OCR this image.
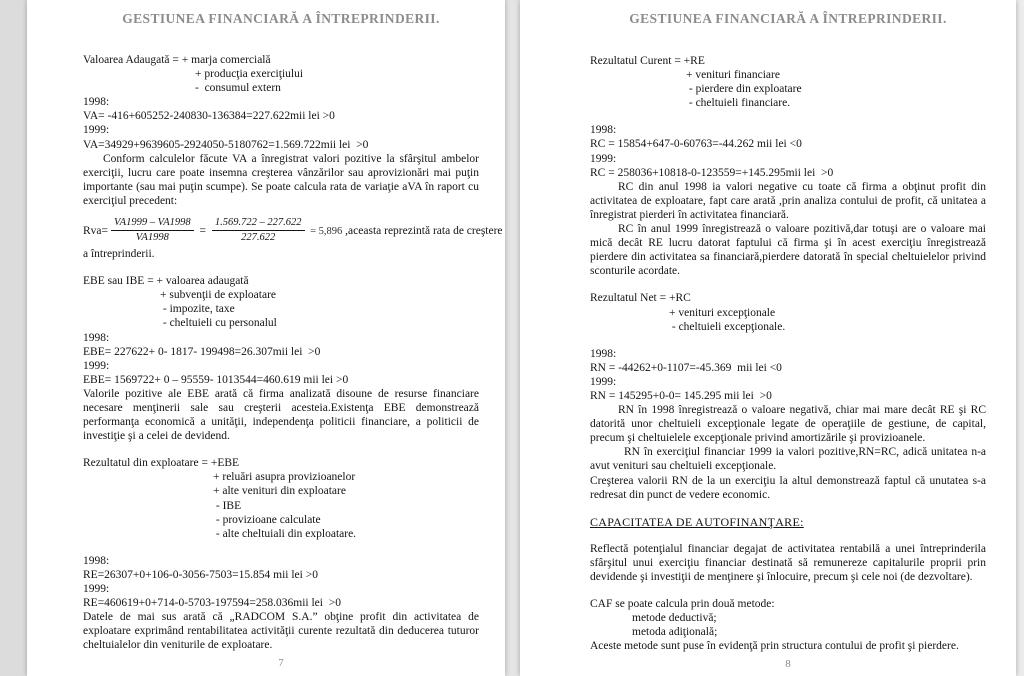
GESTIUNEA FINANCIARĂ A ÎNTREPRINDERII.
Valoarea Adaugată = + marja comercială
+ producţia exerciţiului
-  consumul extern
1998:
VA= -416+605252-240830-136384=227.622mii lei >0
1999:
VA=34929+9639605-2924050-5180762=1.569.722mii lei  >0

Conform calculelor făcute VA a înregistrat valori pozitive la sfârşitul ambelor exerciţii, lucru care poate insemna creşterea vânzărilor sau aprovizionări mai puţin importante (sau mai puţin scumpe). Se poate calcula rata de variaţie aVA în raport cu exerciţiul precedent:

$Rva= \frac{VA1999 - VA1998}{VA1998} = \frac{1.569.722 - 227.622}{227.622} = 5,896$ ,aceasta reprezintă rata de creştere
a întreprinderii.
EBE sau IBE = + valoarea adaugată
+ subvenţii de exploatare
- impozite, taxe
- cheltuieli cu personalul
1998:
EBE= 227622+ 0- 1817- 199498=26.307mii lei  >0
1999:
EBE= 1569722+ 0 – 95559- 1013544=460.619 mii lei >0

Valorile pozitive ale EBE arată că firma analizată disoune de resurse financiare necesare menţinerii sale sau creşterii acesteia.Existenţa EBE demonstrează performanţa economică a unităţii, independenţa politicii financiare, a politicii de investiţie şi a celei de devidend.

Rezultatul din exploatare = +EBE
+ reluări asupra provizioanelor
+ alte venituri din exploatare
- IBE
- provizioane calculate
- alte cheltuiali din exploatare.
1998:
RE=26307+0+106-0-3056-7503=15.854 mii lei >0
1999:
RE=460619+0+714-0-5703-197594=258.036mii lei  >0

Datele de mai sus arată că „RADCOM S.A.” obţine profit din activitatea de exploatare exprimând rentabilitatea activităţii curente rezultată din deducerea tuturor cheltuialelor din veniturile de exploatare.

7
GESTIUNEA FINANCIARĂ A ÎNTREPRINDERII.
Rezultatul Curent = +RE
+ venituri financiare
- pierdere din exploatare
- cheltuieli financiare.
1998:
RC = 15854+647-0-60763=-44.262 mii lei <0
1999:
RC = 258036+10818-0-123559=+145.295mii lei  >0

RC din anul 1998 ia valori negative cu toate că firma a obţinut profit din activitatea de exploatare, fapt care arată ,prin analiza contului de profit, că unitatea a înregistrat pierderi în activitatea financiară.

RC în anul 1999 înregistrează o valoare pozitivă,dar totuşi are o valoare mai mică decât RE lucru datorat faptului că firma şi în acest exerciţiu înregistrează pierdere din activitatea sa financiară,pierdere datorată în special cheltuielelor privind sconturile acordate.

Rezultatul Net = +RC
+ venituri excepţionale
- cheltuieli excepţionale.
1998:
RN = -44262+0-1107=-45.369  mii lei <0
1999:
RN = 145295+0-0= 145.295 mii lei  >0

RN în 1998 înregistrează o valoare negativă, chiar mai mare decât RE şi RC datorită unor cheltuieli excepţionale legate de operaţiile de gestiune, de capital, precum şi cheltuielele excepţionale privind amortizările şi provizioanele.

RN în exerciţiul financiar 1999 ia valori pozitive,RN=RC, adică unitatea n-a avut venituri sau cheltuieli excepţionale.

Creşterea valorii RN de la un exerciţiu la altul demonstrează faptul că unutatea s-a redresat din punct de vedere economic.

CAPACITATEA DE AUTOFINANŢARE:

Reflectă potenţialul financiar degajat de activitatea rentabilă a unei întreprinderila sfârşitul unui exerciţiu financiar destinată să remunereze capitalurile proprii prin devidende şi investiţii de menţinere şi înlocuire, precum şi cele noi (de dezvoltare).

CAF se poate calcula prin două metode:
metode deductivă;
metoda adiţională;
Aceste metode sunt puse în evidenţă prin structura contului de profit şi pierdere.
8
